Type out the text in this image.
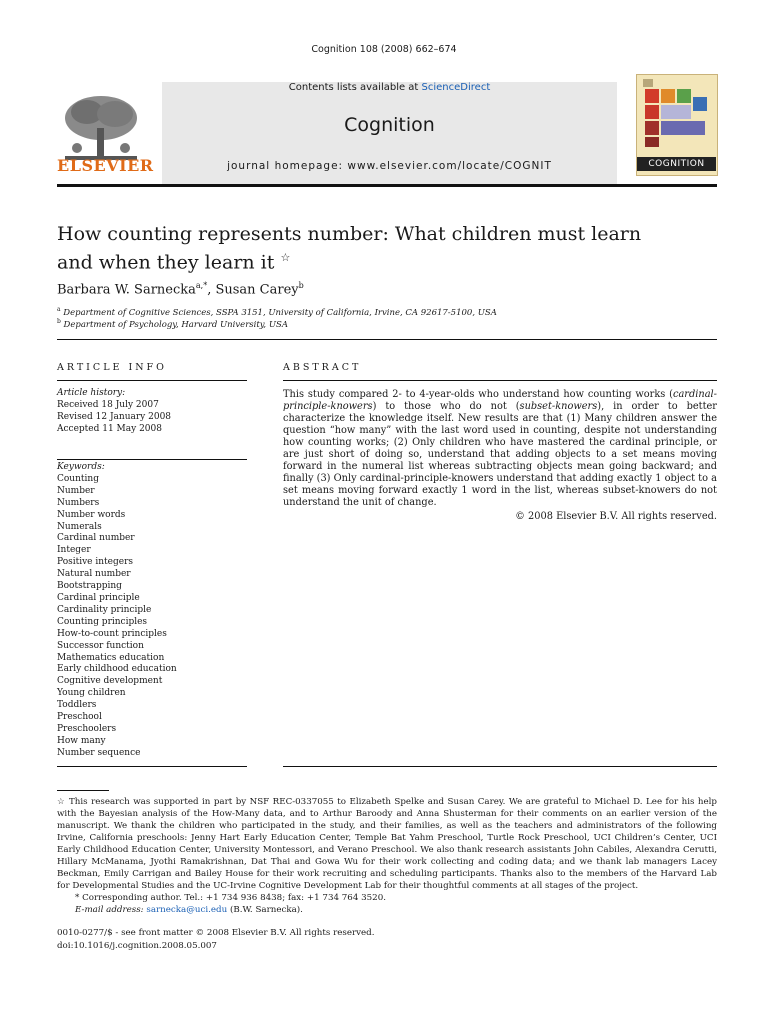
Cognition 108 (2008) 662–674
Contents lists available at ScienceDirect
Cognition
journal homepage: www.elsevier.com/locate/COGNIT
ELSEVIER	COGNITION
How counting represents number: What children must learn
and when they learn it ☆
Barbara W. Sarnecka$^{a,*}$, Susan Carey$^b$
$^a$ Department of Cognitive Sciences, SSPA 3151, University of California, Irvine, CA 92617-5100, USA
$^b$ Department of Psychology, Harvard University, USA
ARTICLE INFO
Article history:
Received 18 July 2007
Revised 12 January 2008
Accepted 11 May 2008
Keywords:
Counting
Number
Numbers
Number words
Numerals
Cardinal number
Integer
Positive integers
Natural number
Bootstrapping
Cardinal principle
Cardinality principle
Counting principles
How-to-count principles
Successor function
Mathematics education
Early childhood education
Cognitive development
Young children
Toddlers
Preschool
Preschoolers
How many
Number sequence
ABSTRACT
This study compared 2- to 4-year-olds who understand how counting works (cardinal-principle-knowers) to those who do not (subset-knowers), in order to better characterize the knowledge itself. New results are that (1) Many children answer the question “how many” with the last word used in counting, despite not understanding how counting works; (2) Only children who have mastered the cardinal principle, or are just short of doing so, understand that adding objects to a set means moving forward in the numeral list whereas subtracting objects mean going backward; and finally (3) Only cardinal-principle-knowers understand that adding exactly 1 object to a set means moving forward exactly 1 word in the list, whereas subset-knowers do not understand the unit of change.
© 2008 Elsevier B.V. All rights reserved.
☆ This research was supported in part by NSF REC-0337055 to Elizabeth Spelke and Susan Carey. We are grateful to Michael D. Lee for his help with the Bayesian analysis of the How-Many data, and to Arthur Baroody and Anna Shusterman for their comments on an earlier version of the manuscript. We thank the children who participated in the study, and their families, as well as the teachers and administrators of the following Irvine, California preschools: Jenny Hart Early Education Center, Temple Bat Yahm Preschool, Turtle Rock Preschool, UCI Children’s Center, UCI Early Childhood Education Center, University Montessori, and Verano Preschool. We also thank research assistants John Cabiles, Alexandra Cerutti, Hillary McManama, Jyothi Ramakrishnan, Dat Thai and Gowa Wu for their work collecting and coding data; and we thank lab managers Lacey Beckman, Emily Carrigan and Bailey House for their work recruiting and scheduling participants. Thanks also to the members of the Harvard Lab for Developmental Studies and the UC-Irvine Cognitive Development Lab for their thoughtful comments at all stages of the project.
* Corresponding author. Tel.: +1 734 936 8438; fax: +1 734 764 3520.
E-mail address: sarnecka@uci.edu (B.W. Sarnecka).
0010-0277/$ - see front matter © 2008 Elsevier B.V. All rights reserved.
doi:10.1016/j.cognition.2008.05.007
